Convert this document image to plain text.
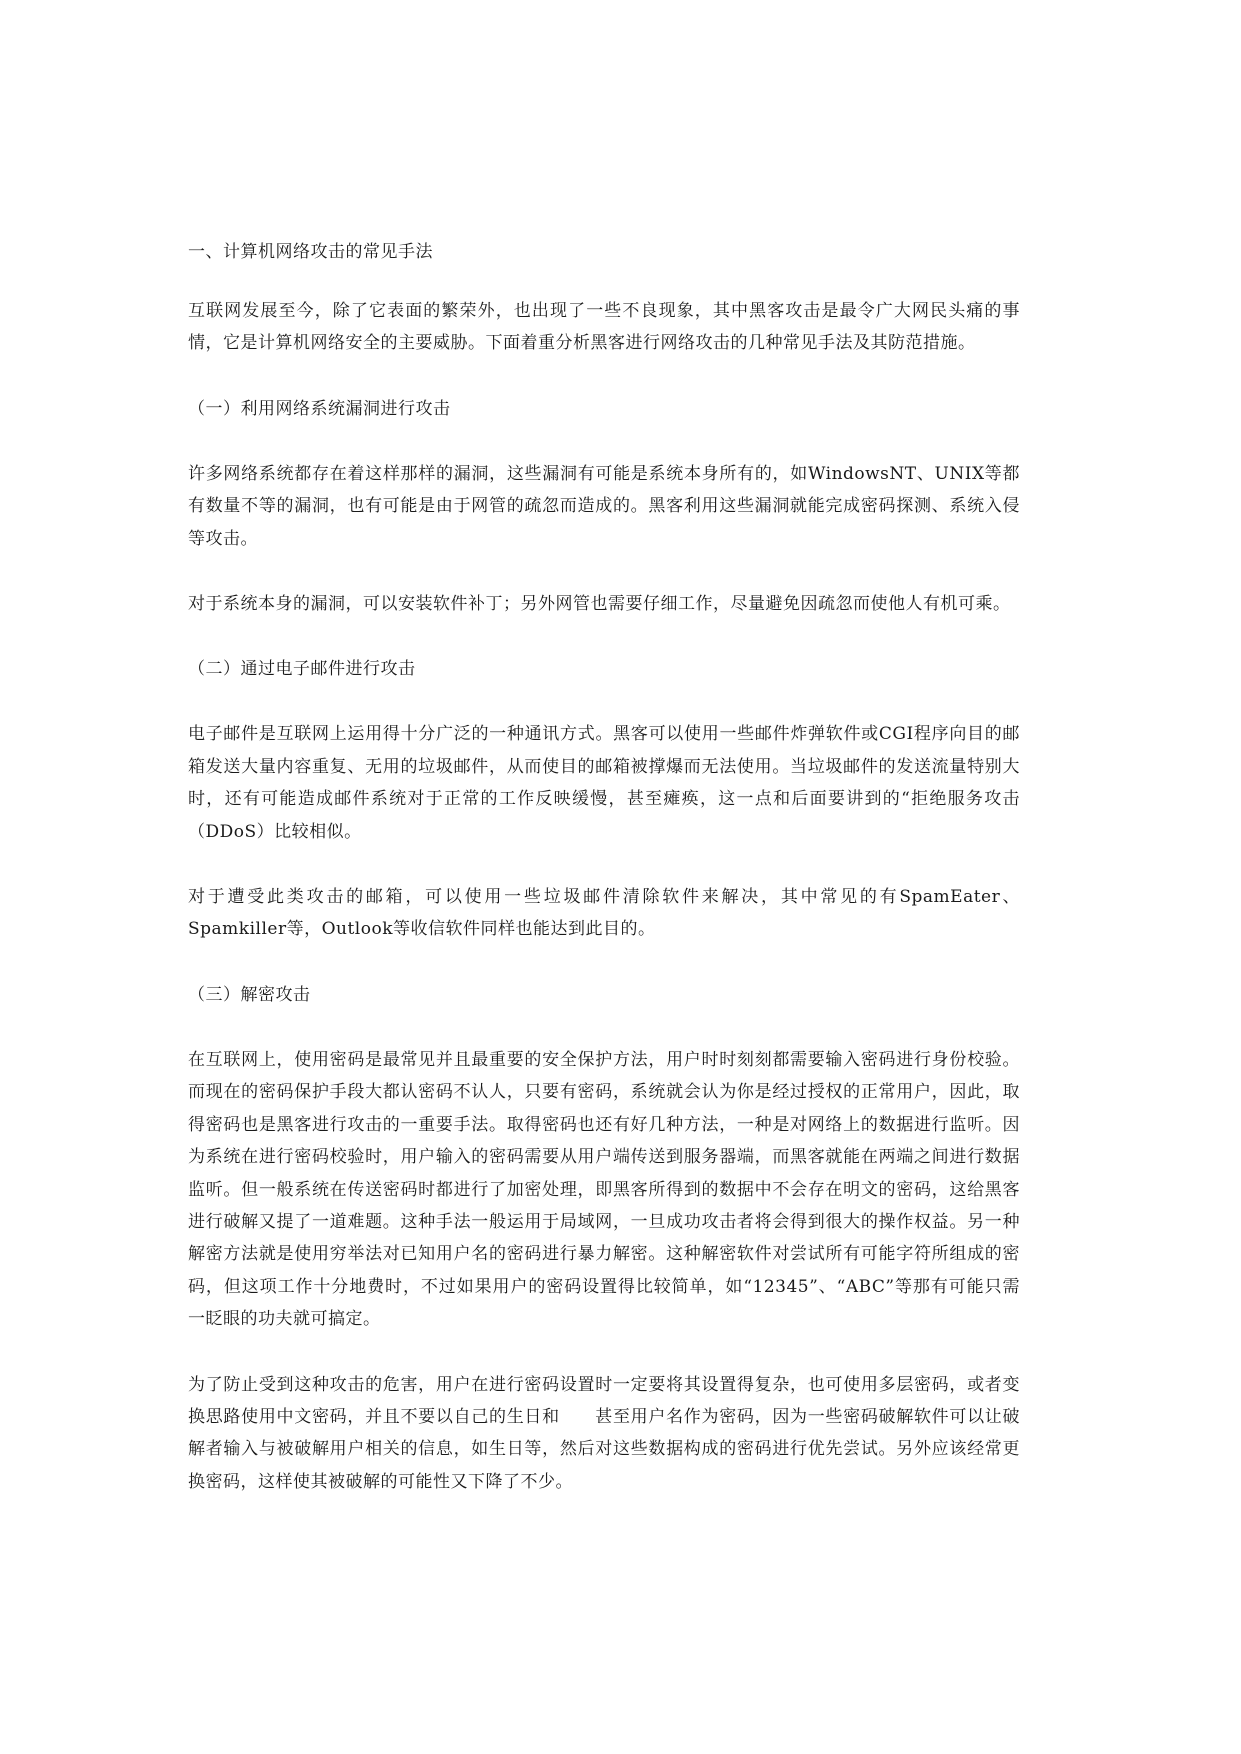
一、计算机网络攻击的常见手法

互联网发展至今，除了它表面的繁荣外，也出现了一些不良现象，其中黑客攻击是最令广大网民头痛的事情，它是计算机网络安全的主要威胁。下面着重分析黑客进行网络攻击的几种常见手法及其防范措施。

（一）利用网络系统漏洞进行攻击

许多网络系统都存在着这样那样的漏洞，这些漏洞有可能是系统本身所有的，如WindowsNT、UNIX等都有数量不等的漏洞，也有可能是由于网管的疏忽而造成的。黑客利用这些漏洞就能完成密码探测、系统入侵等攻击。

对于系统本身的漏洞，可以安装软件补丁；另外网管也需要仔细工作，尽量避免因疏忽而使他人有机可乘。

（二）通过电子邮件进行攻击

电子邮件是互联网上运用得十分广泛的一种通讯方式。黑客可以使用一些邮件炸弹软件或CGI程序向目的邮箱发送大量内容重复、无用的垃圾邮件，从而使目的邮箱被撑爆而无法使用。当垃圾邮件的发送流量特别大时，还有可能造成邮件系统对于正常的工作反映缓慢，甚至瘫痪，这一点和后面要讲到的“拒绝服务攻击（DDoS）比较相似。

对于遭受此类攻击的邮箱，可以使用一些垃圾邮件清除软件来解决，其中常见的有SpamEater、Spamkiller等，Outlook等收信软件同样也能达到此目的。

（三）解密攻击

在互联网上，使用密码是最常见并且最重要的安全保护方法，用户时时刻刻都需要输入密码进行身份校验。而现在的密码保护手段大都认密码不认人，只要有密码，系统就会认为你是经过授权的正常用户，因此，取得密码也是黑客进行攻击的一重要手法。取得密码也还有好几种方法，一种是对网络上的数据进行监听。因为系统在进行密码校验时，用户输入的密码需要从用户端传送到服务器端，而黑客就能在两端之间进行数据监听。但一般系统在传送密码时都进行了加密处理，即黑客所得到的数据中不会存在明文的密码，这给黑客进行破解又提了一道难题。这种手法一般运用于局域网，一旦成功攻击者将会得到很大的操作权益。另一种解密方法就是使用穷举法对已知用户名的密码进行暴力解密。这种解密软件对尝试所有可能字符所组成的密码，但这项工作十分地费时，不过如果用户的密码设置得比较简单，如“12345”、“ABC”等那有可能只需一眨眼的功夫就可搞定。

为了防止受到这种攻击的危害，用户在进行密码设置时一定要将其设置得复杂，也可使用多层密码，或者变换思路使用中文密码，并且不要以自己的生日和　　甚至用户名作为密码，因为一些密码破解软件可以让破解者输入与被破解用户相关的信息，如生日等，然后对这些数据构成的密码进行优先尝试。另外应该经常更换密码，这样使其被破解的可能性又下降了不少。
